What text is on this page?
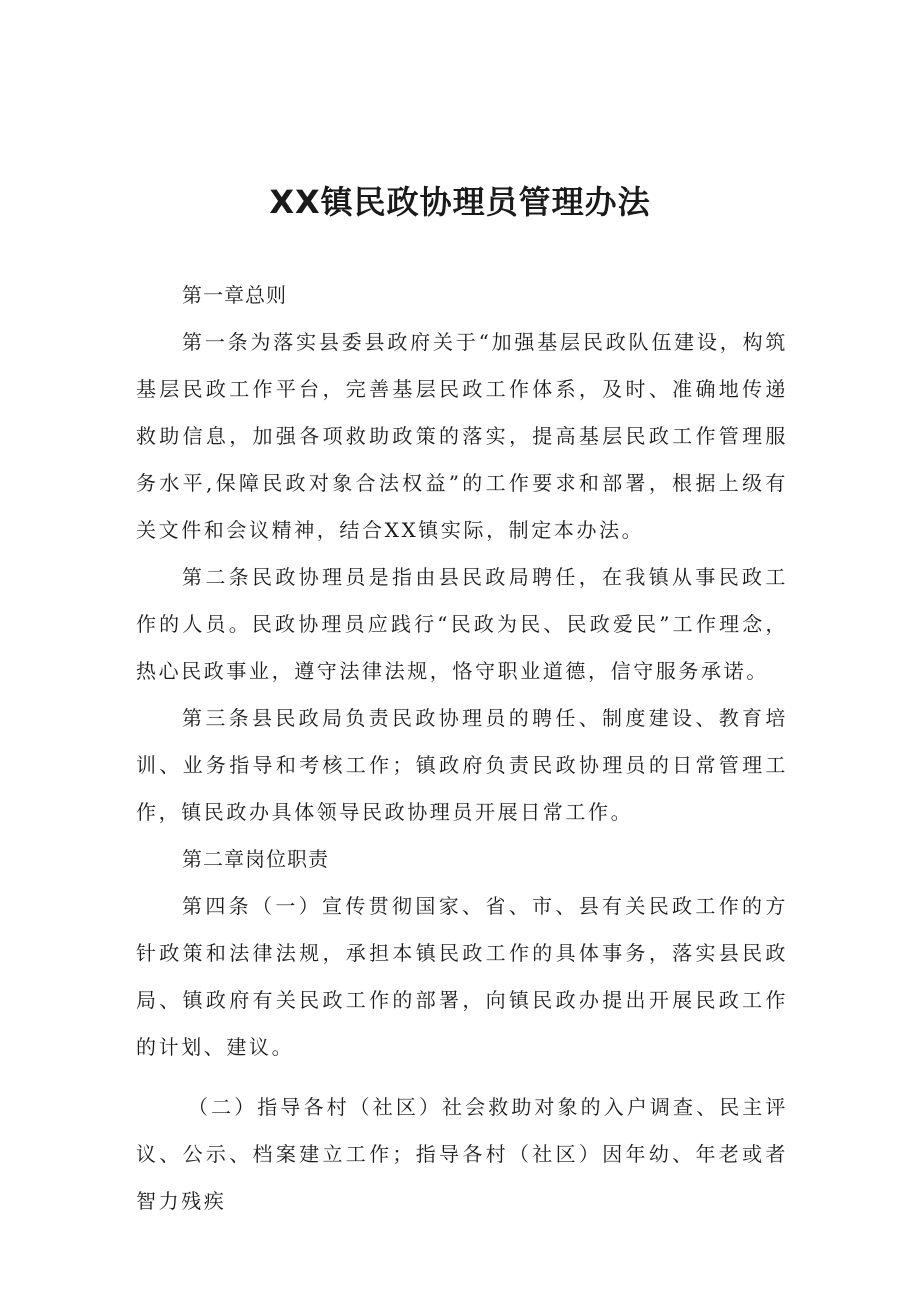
XX镇民政协理员管理办法

第一章总则

第一条为落实县委县政府关于“加强基层民政队伍建设，构筑基层民政工作平台，完善基层民政工作体系，及时、准确地传递救助信息，加强各项救助政策的落实，提高基层民政工作管理服务水平,保障民政对象合法权益”的工作要求和部署，根据上级有关文件和会议精神，结合XX镇实际，制定本办法。

第二条民政协理员是指由县民政局聘任，在我镇从事民政工作的人员。民政协理员应践行“民政为民、民政爱民”工作理念，热心民政事业，遵守法律法规，恪守职业道德，信守服务承诺。

第三条县民政局负责民政协理员的聘任、制度建设、教育培训、业务指导和考核工作；镇政府负责民政协理员的日常管理工作，镇民政办具体领导民政协理员开展日常工作。

第二章岗位职责

第四条（一）宣传贯彻国家、省、市、县有关民政工作的方针政策和法律法规，承担本镇民政工作的具体事务，落实县民政局、镇政府有关民政工作的部署，向镇民政办提出开展民政工作的计划、建议。

（二）指导各村（社区）社会救助对象的入户调查、民主评议、公示、档案建立工作；指导各村（社区）因年幼、年老或者智力残疾
